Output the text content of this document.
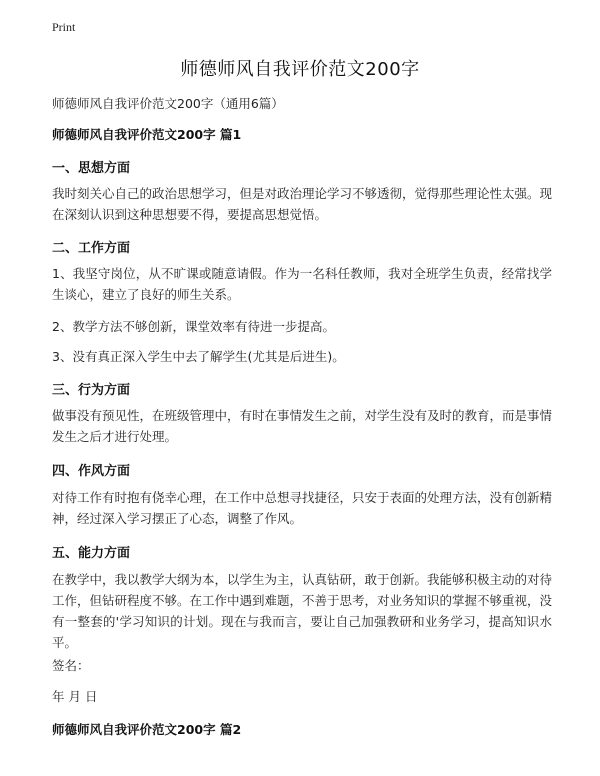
Print
师德师风自我评价范文200字
师德师风自我评价范文200字（通用6篇）
师德师风自我评价范文200字 篇1
一、思想方面
我时刻关心自己的政治思想学习，但是对政治理论学习不够透彻，觉得那些理论性太强。现在深刻认识到这种思想要不得，要提高思想觉悟。
二、工作方面
1、我坚守岗位，从不旷课或随意请假。作为一名科任教师，我对全班学生负责，经常找学生谈心，建立了良好的师生关系。
2、教学方法不够创新，课堂效率有待进一步提高。
3、没有真正深入学生中去了解学生(尤其是后进生)。
三、行为方面
做事没有预见性，在班级管理中，有时在事情发生之前，对学生没有及时的教育，而是事情发生之后才进行处理。
四、作风方面
对待工作有时抱有侥幸心理，在工作中总想寻找捷径，只安于表面的处理方法，没有创新精神，经过深入学习摆正了心态，调整了作风。
五、能力方面
在教学中，我以教学大纲为本，以学生为主，认真钻研，敢于创新。我能够积极主动的对待工作，但钻研程度不够。在工作中遇到难题，不善于思考，对业务知识的掌握不够重视，没有一整套的'学习知识的计划。现在与我而言，要让自己加强教研和业务学习，提高知识水平。
签名：
年 月 日
师德师风自我评价范文200字 篇2
